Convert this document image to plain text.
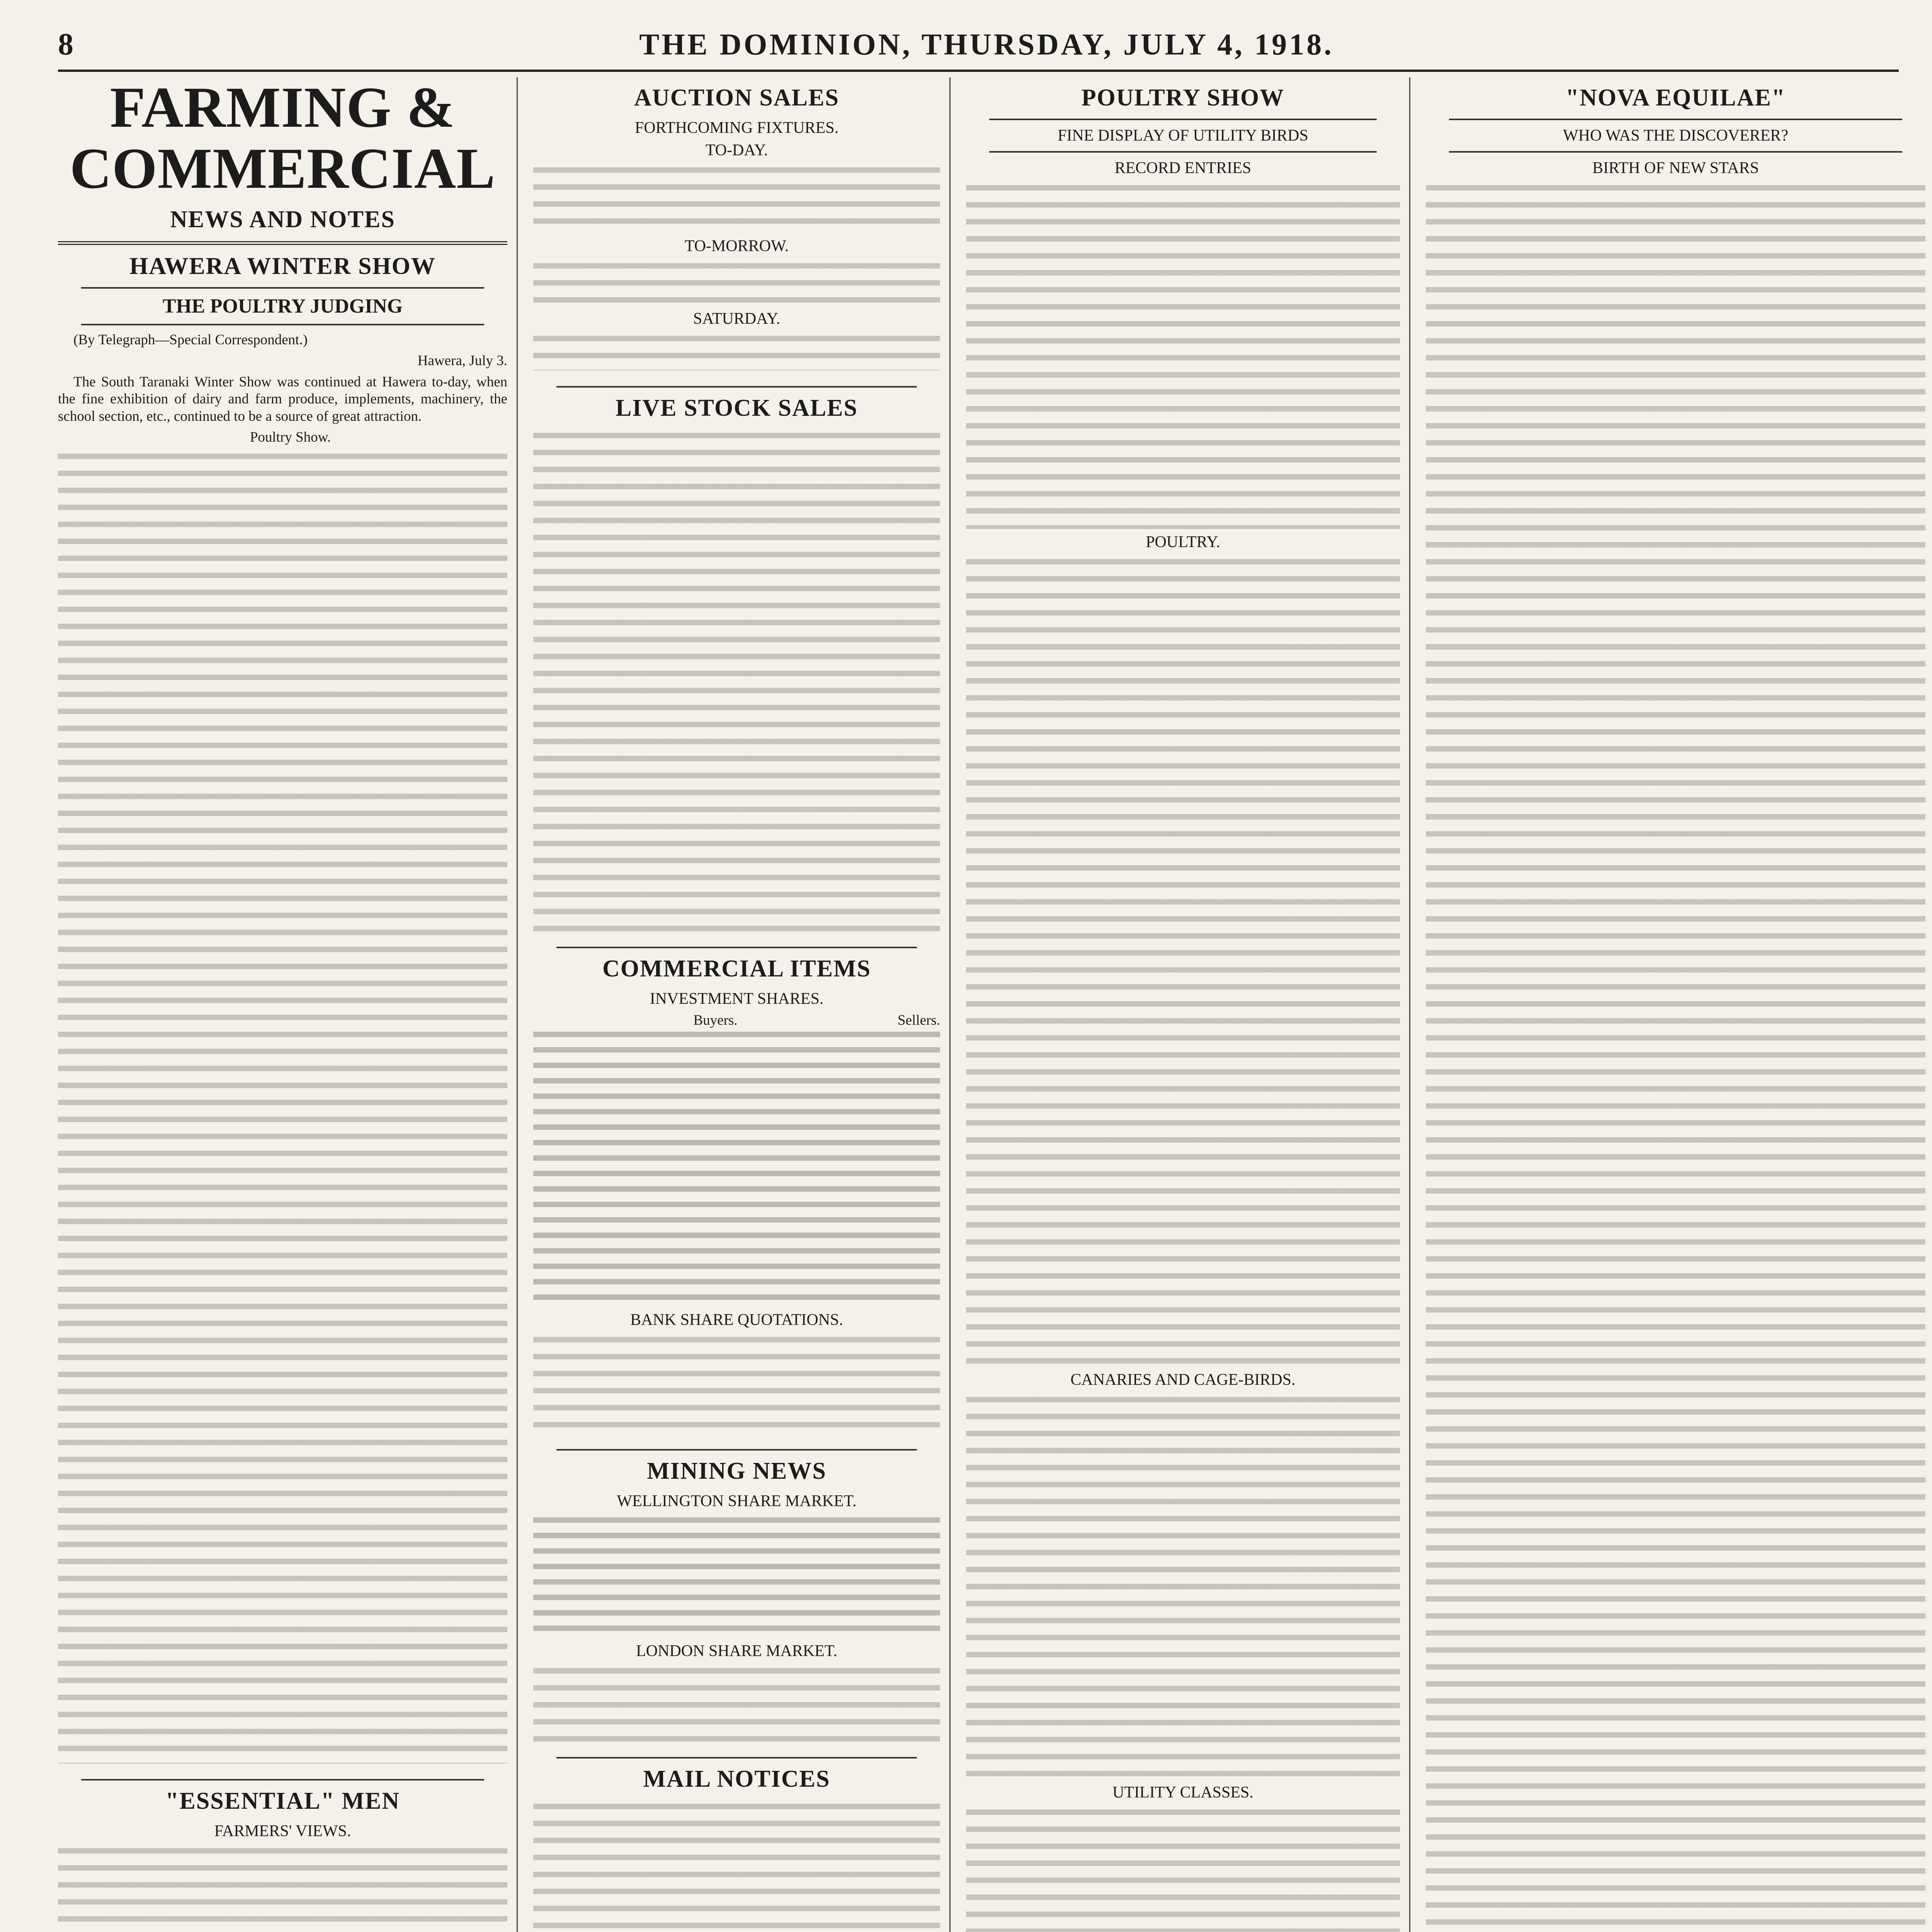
8	THE DOMINION, THURSDAY, JULY 4, 1918.
FARMING & COMMERCIAL
NEWS AND NOTES
HAWERA WINTER SHOW
THE POULTRY JUDGING

(By Telegraph—Special Correspondent.)

Hawera, July 3.

The South Taranaki Winter Show was continued at Hawera to-day, when the fine exhibition of dairy and farm produce, implements, machinery, the school section, etc., continued to be a source of great attraction.

Poultry Show.

"ESSENTIAL" MEN
FARMERS' VIEWS.
AUCTION SALES
FORTHCOMING FIXTURES.
TO-DAY.
TO-MORROW.
SATURDAY.
LIVE STOCK SALES
COMMERCIAL ITEMS
INVESTMENT SHARES.
Buyers.	Sellers.
BANK SHARE QUOTATIONS.
MINING NEWS
WELLINGTON SHARE MARKET.
LONDON SHARE MARKET.
MAIL NOTICES
POULTRY SHOW
FINE DISPLAY OF UTILITY BIRDS
RECORD ENTRIES
POULTRY.
CANARIES AND CAGE-BIRDS.
UTILITY CLASSES.
"NOVA EQUILAE"
WHO WAS THE DISCOVERER?
BIRTH OF NEW STARS
